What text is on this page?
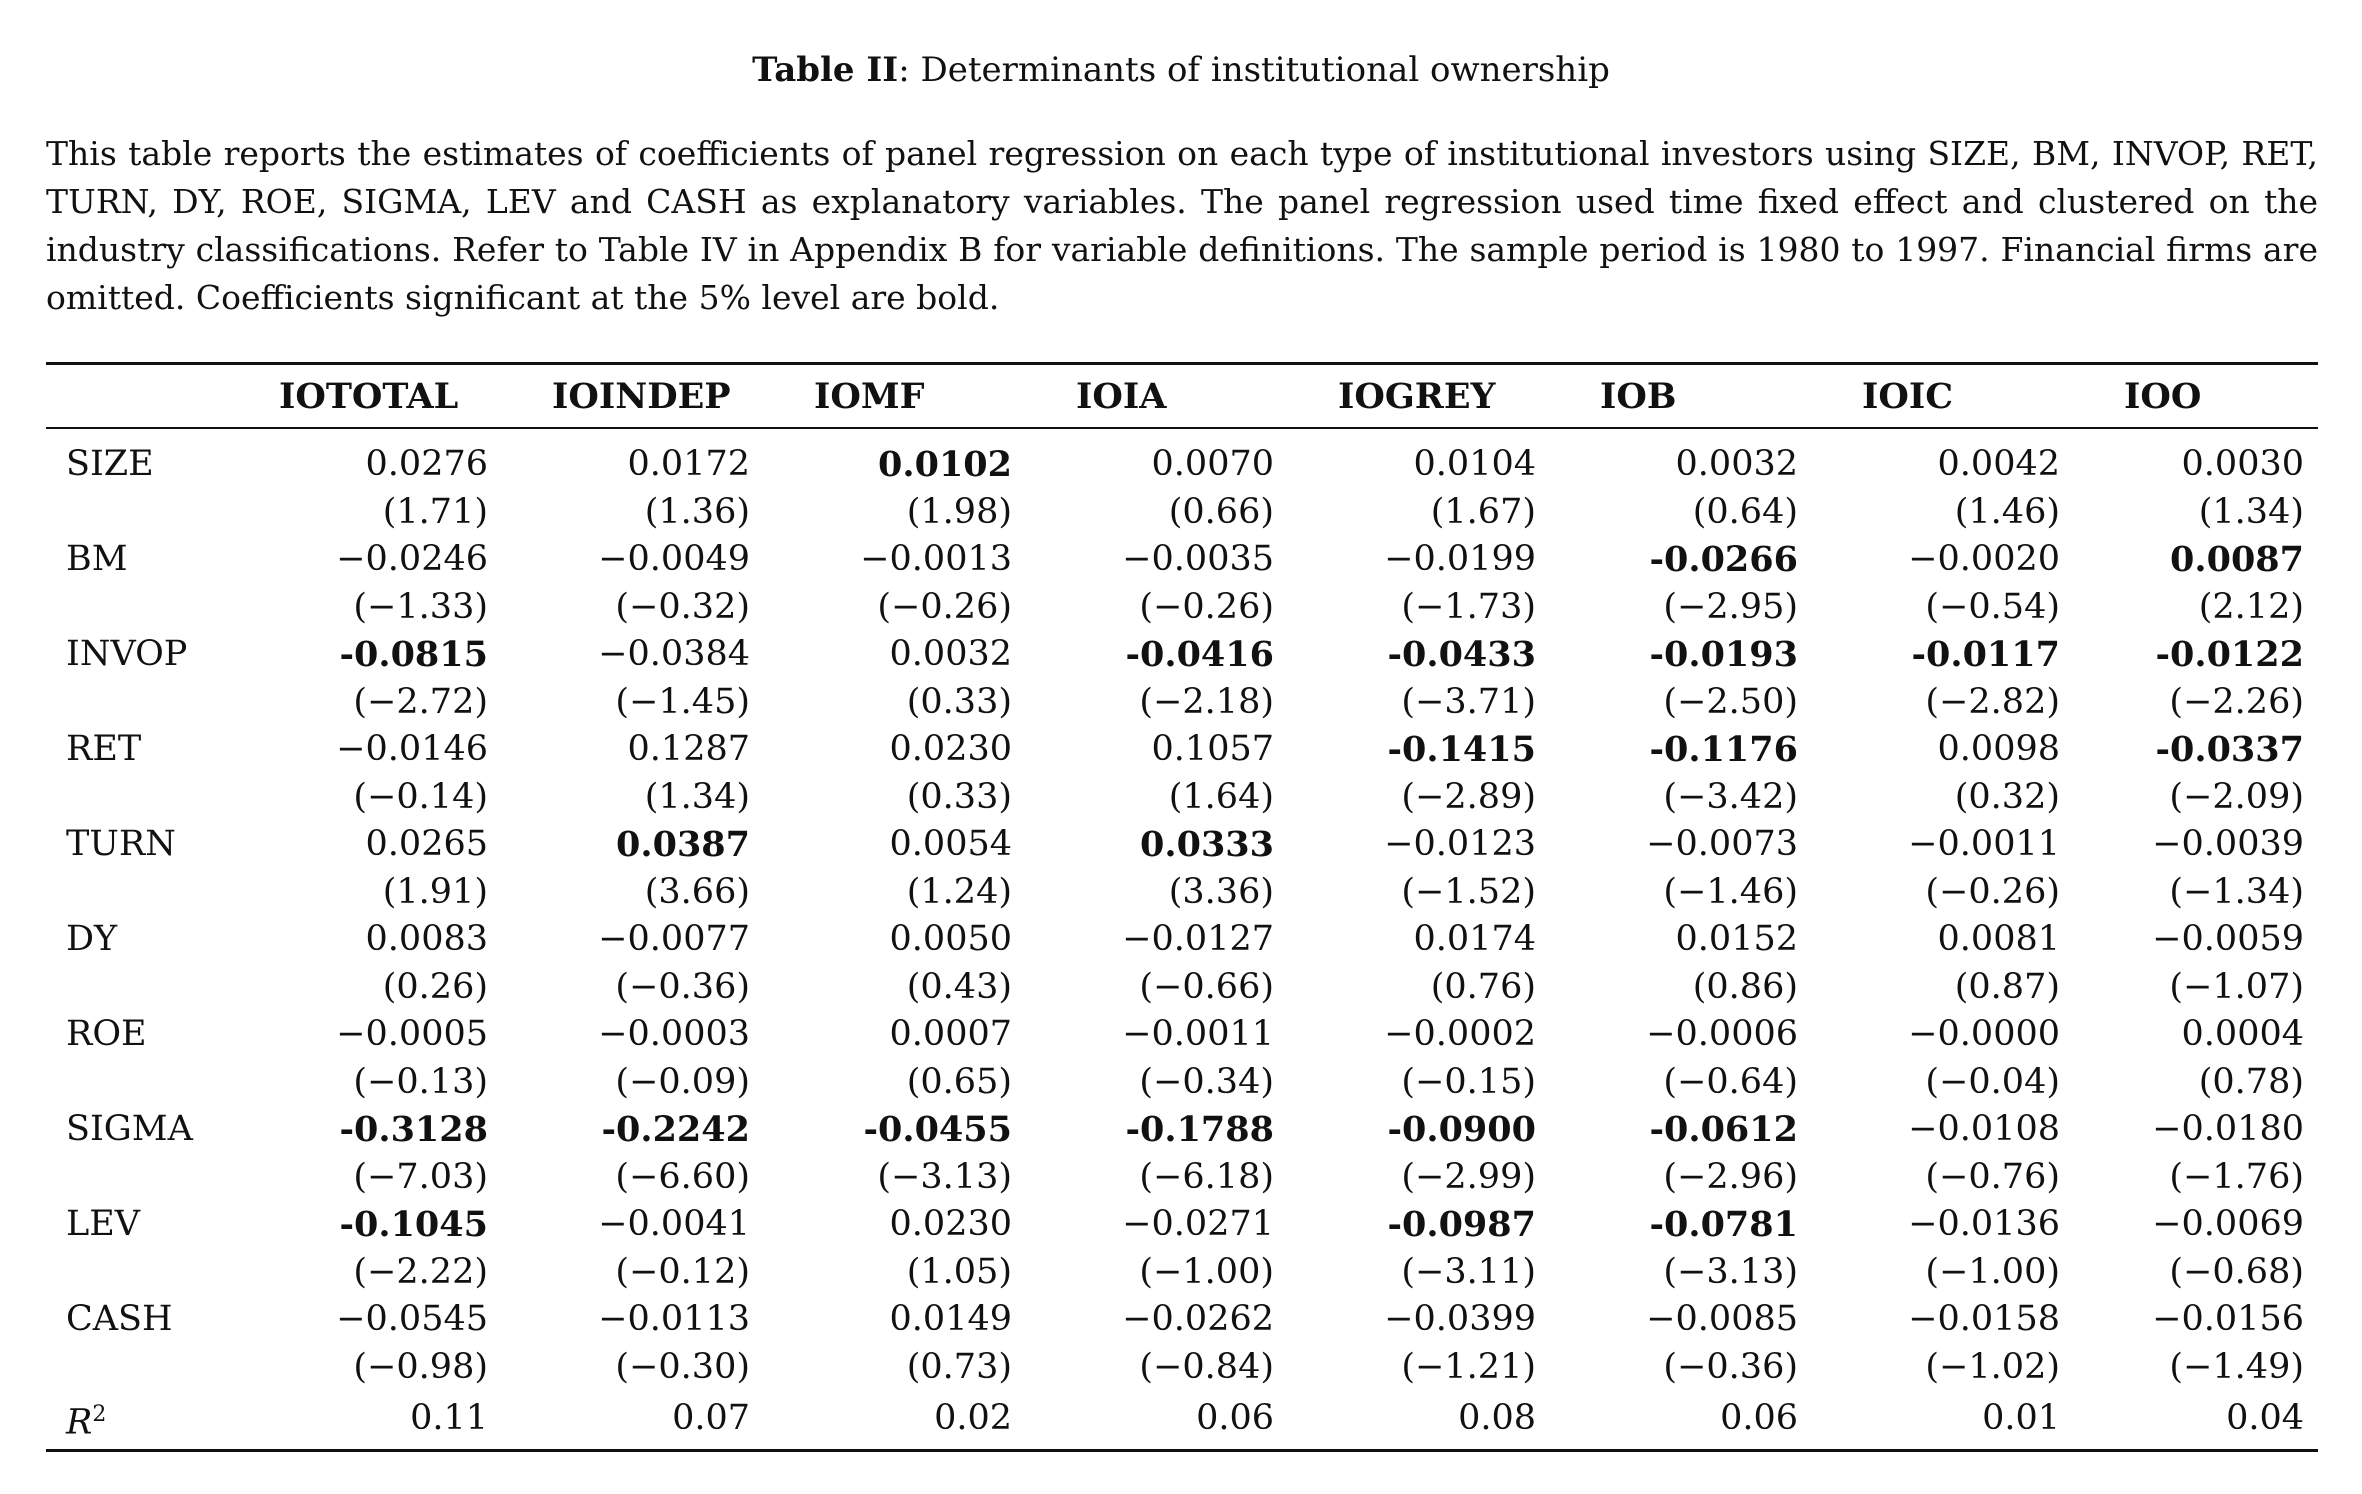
Table II: Determinants of institutional ownership

This table reports the estimates of coefficients of panel regression on each type of institutional investors using SIZE, BM, INVOP, RET, TURN, DY, ROE, SIGMA, LEV and CASH as explanatory variables. The panel regression used time fixed effect and clustered on the industry classifications. Refer to Table IV in Appendix B for variable definitions. The sample period is 1980 to 1997. Financial firms are omitted. Coefficients significant at the 5% level are bold.

	IOTOTAL	IOINDEP	IOMF	IOIA	IOGREY	IOB	IOIC	IOO

SIZE	0.0276	0.0172	0.0102	0.0070	0.0104	0.0032	0.0042	0.0030
	(1.71)	(1.36)	(1.98)	(0.66)	(1.67)	(0.64)	(1.46)	(1.34)
BM	−0.0246	−0.0049	−0.0013	−0.0035	−0.0199	-0.0266	−0.0020	0.0087
	(−1.33)	(−0.32)	(−0.26)	(−0.26)	(−1.73)	(−2.95)	(−0.54)	(2.12)
INVOP	-0.0815	−0.0384	0.0032	-0.0416	-0.0433	-0.0193	-0.0117	-0.0122
	(−2.72)	(−1.45)	(0.33)	(−2.18)	(−3.71)	(−2.50)	(−2.82)	(−2.26)
RET	−0.0146	0.1287	0.0230	0.1057	-0.1415	-0.1176	0.0098	-0.0337
	(−0.14)	(1.34)	(0.33)	(1.64)	(−2.89)	(−3.42)	(0.32)	(−2.09)
TURN	0.0265	0.0387	0.0054	0.0333	−0.0123	−0.0073	−0.0011	−0.0039
	(1.91)	(3.66)	(1.24)	(3.36)	(−1.52)	(−1.46)	(−0.26)	(−1.34)
DY	0.0083	−0.0077	0.0050	−0.0127	0.0174	0.0152	0.0081	−0.0059
	(0.26)	(−0.36)	(0.43)	(−0.66)	(0.76)	(0.86)	(0.87)	(−1.07)
ROE	−0.0005	−0.0003	0.0007	−0.0011	−0.0002	−0.0006	−0.0000	0.0004
	(−0.13)	(−0.09)	(0.65)	(−0.34)	(−0.15)	(−0.64)	(−0.04)	(0.78)
SIGMA	-0.3128	-0.2242	-0.0455	-0.1788	-0.0900	-0.0612	−0.0108	−0.0180
	(−7.03)	(−6.60)	(−3.13)	(−6.18)	(−2.99)	(−2.96)	(−0.76)	(−1.76)
LEV	-0.1045	−0.0041	0.0230	−0.0271	-0.0987	-0.0781	−0.0136	−0.0069
	(−2.22)	(−0.12)	(1.05)	(−1.00)	(−3.11)	(−3.13)	(−1.00)	(−0.68)
CASH	−0.0545	−0.0113	0.0149	−0.0262	−0.0399	−0.0085	−0.0158	−0.0156
	(−0.98)	(−0.30)	(0.73)	(−0.84)	(−1.21)	(−0.36)	(−1.02)	(−1.49)
$R^2$	0.11	0.07	0.02	0.06	0.08	0.06	0.01	0.04
